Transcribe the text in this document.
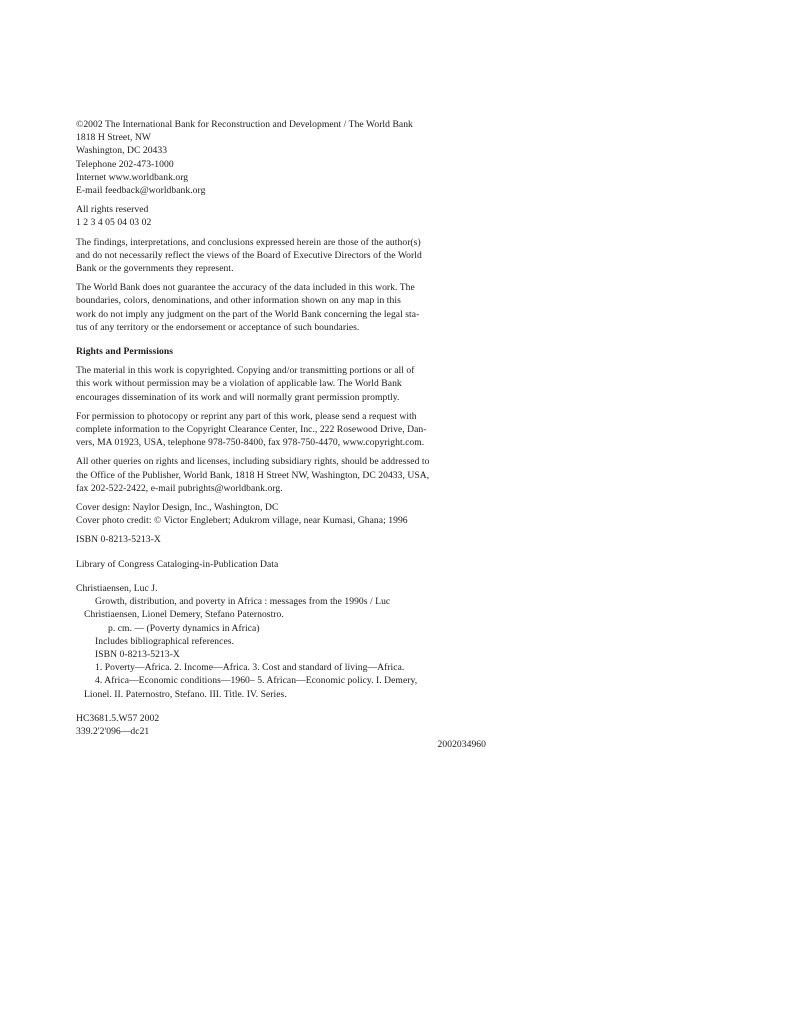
©2002 The International Bank for Reconstruction and Development / The World Bank
1818 H Street, NW
Washington, DC 20433
Telephone 202-473-1000
Internet www.worldbank.org
E-mail feedback@worldbank.org
All rights reserved
1 2 3 4 05 04 03 02
The findings, interpretations, and conclusions expressed herein are those of the author(s)
and do not necessarily reflect the views of the Board of Executive Directors of the World
Bank or the governments they represent.
The World Bank does not guarantee the accuracy of the data included in this work. The
boundaries, colors, denominations, and other information shown on any map in this
work do not imply any judgment on the part of the World Bank concerning the legal sta-
tus of any territory or the endorsement or acceptance of such boundaries.
Rights and Permissions
The material in this work is copyrighted. Copying and/or transmitting portions or all of
this work without permission may be a violation of applicable law. The World Bank
encourages dissemination of its work and will normally grant permission promptly.
For permission to photocopy or reprint any part of this work, please send a request with
complete information to the Copyright Clearance Center, Inc., 222 Rosewood Drive, Dan-
vers, MA 01923, USA, telephone 978-750-8400, fax 978-750-4470, www.copyright.com.
All other queries on rights and licenses, including subsidiary rights, should be addressed to
the Office of the Publisher, World Bank, 1818 H Street NW, Washington, DC 20433, USA,
fax 202-522-2422, e-mail pubrights@worldbank.org.
Cover design: Naylor Design, Inc., Washington, DC
Cover photo credit: © Victor Englebert; Adukrom village, near Kumasi, Ghana; 1996
ISBN 0-8213-5213-X
Library of Congress Cataloging-in-Publication Data
Christiaensen, Luc J.
Growth, distribution, and poverty in Africa : messages from the 1990s / Luc
Christiaensen, Lionel Demery, Stefano Paternostro.
p. cm. — (Poverty dynamics in Africa)
Includes bibliographical references.
ISBN 0-8213-5213-X
1. Poverty—Africa. 2. Income—Africa. 3. Cost and standard of living—Africa.
4. Africa—Economic conditions—1960– 5. African—Economic policy. I. Demery,
Lionel. II. Paternostro, Stefano. III. Title. IV. Series.
HC3681.5.W57 2002
339.2'2'096—dc21
2002034960
